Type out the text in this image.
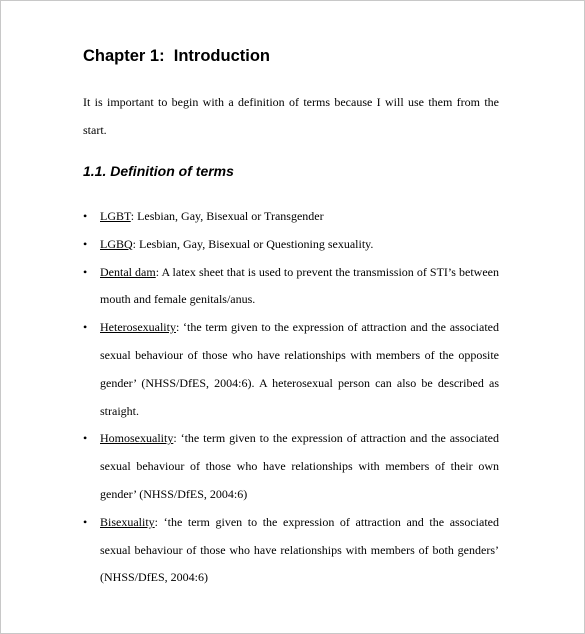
Chapter 1:  Introduction

It is important to begin with a definition of terms because I will use them from the start.

1.1. Definition of terms
• LGBT: Lesbian, Gay, Bisexual or Transgender
• LGBQ: Lesbian, Gay, Bisexual or Questioning sexuality.
• Dental dam: A latex sheet that is used to prevent the transmission of STI’s between mouth and female genitals/anus.
• Heterosexuality: ‘the term given to the expression of attraction and the associated sexual behaviour of those who have relationships with members of the opposite gender’ (NHSS/DfES, 2004:6). A heterosexual person can also be described as straight.
• Homosexuality: ‘the term given to the expression of attraction and the associated sexual behaviour of those who have relationships with members of their own gender’ (NHSS/DfES, 2004:6)
• Bisexuality: ‘the term given to the expression of attraction and the associated sexual behaviour of those who have relationships with members of both genders’ (NHSS/DfES, 2004:6)
